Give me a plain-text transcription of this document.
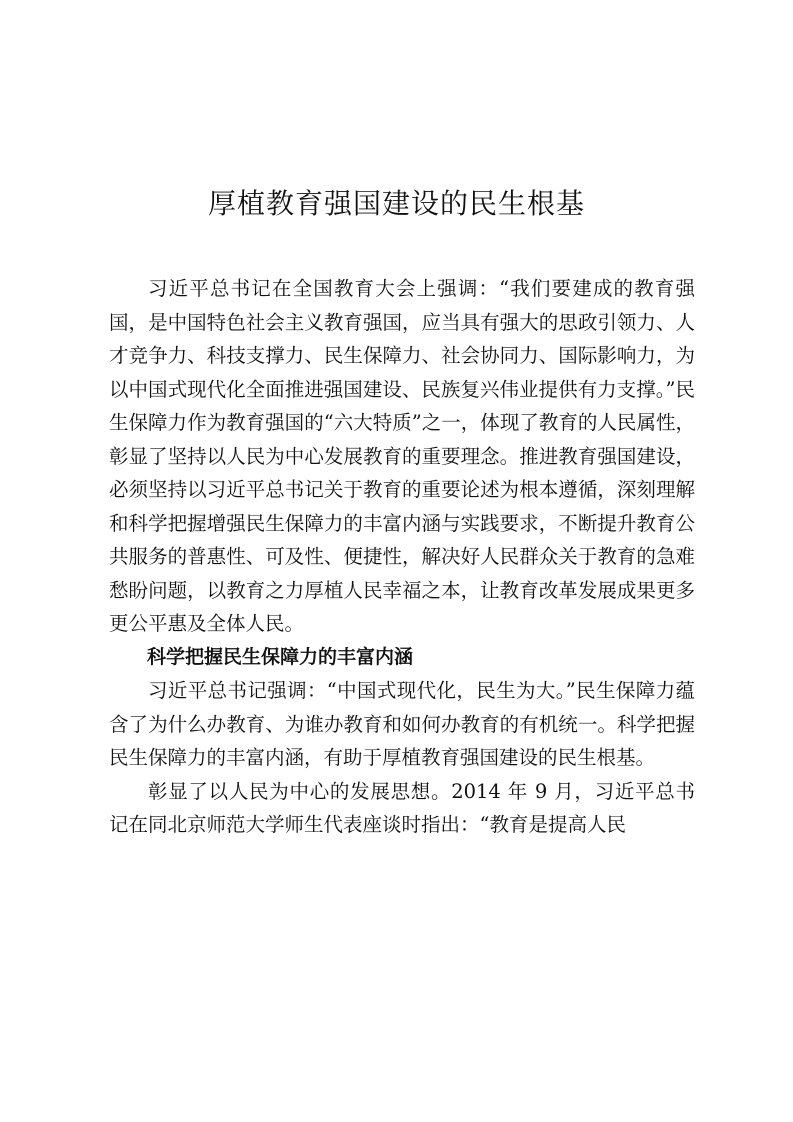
厚植教育强国建设的民生根基

习近平总书记在全国教育大会上强调：“我们要建成的教育强国，是中国特色社会主义教育强国，应当具有强大的思政引领力、人才竞争力、科技支撑力、民生保障力、社会协同力、国际影响力，为以中国式现代化全面推进强国建设、民族复兴伟业提供有力支撑。”民生保障力作为教育强国的“六大特质”之一，体现了教育的人民属性，彰显了坚持以人民为中心发展教育的重要理念。推进教育强国建设，必须坚持以习近平总书记关于教育的重要论述为根本遵循，深刻理解和科学把握增强民生保障力的丰富内涵与实践要求，不断提升教育公共服务的普惠性、可及性、便捷性，解决好人民群众关于教育的急难愁盼问题，以教育之力厚植人民幸福之本，让教育改革发展成果更多更公平惠及全体人民。

科学把握民生保障力的丰富内涵

习近平总书记强调：“中国式现代化，民生为大。”民生保障力蕴含了为什么办教育、为谁办教育和如何办教育的有机统一。科学把握民生保障力的丰富内涵，有助于厚植教育强国建设的民生根基。

彰显了以人民为中心的发展思想。2014 年 9 月，习近平总书记在同北京师范大学师生代表座谈时指出：“教育是提高人民
